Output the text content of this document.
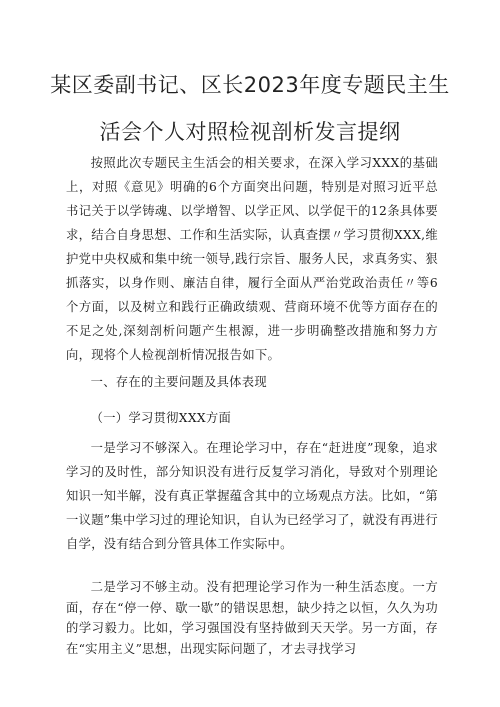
某区委副书记、区长2023年度专题民主生
活会个人对照检视剖析发言提纲

按照此次专题民主生活会的相关要求，在深入学习XXX的基础上，对照《意见》明确的6个方面突出问题，特别是对照习近平总书记关于以学铸魂、以学增智、以学正风、以学促干的12条具体要求，结合自身思想、工作和生活实际，认真查摆〃学习贯彻XXX,维护党中央权威和集中统一领导,践行宗旨、服务人民，求真务实、狠抓落实，以身作则、廉洁自律，履行全面从严治党政治责任〃等6个方面，以及树立和践行正确政绩观、营商环境不优等方面存在的不足之处,深刻剖析问题产生根源，进一步明确整改措施和努力方向，现将个人检视剖析情况报告如下。

一、存在的主要问题及具体表现

（一）学习贯彻XXX方面

一是学习不够深入。在理论学习中，存在“赶进度”现象，追求学习的及时性，部分知识没有进行反复学习消化，导致对个别理论知识一知半解，没有真正掌握蕴含其中的立场观点方法。比如，“第一议题”集中学习过的理论知识，自认为已经学习了，就没有再进行自学，没有结合到分管具体工作实际中。

二是学习不够主动。没有把理论学习作为一种生活态度。一方面，存在“停一停、歇一歇”的错误思想，缺少持之以恒，久久为功的学习毅力。比如，学习强国没有坚持做到天天学。另一方面，存在“实用主义”思想，出现实际问题了，才去寻找学习
